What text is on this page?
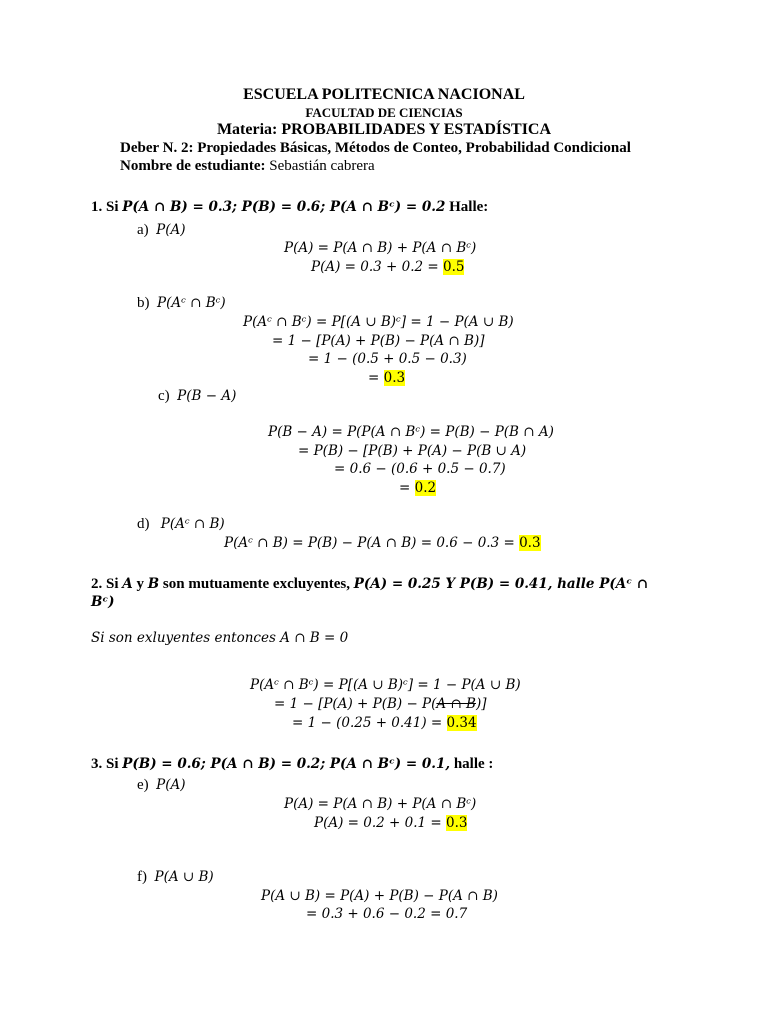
ESCUELA POLITECNICA NACIONAL
FACULTAD DE CIENCIAS
Materia: PROBABILIDADES Y ESTADÍSTICA
Deber N. 2: Propiedades Básicas, Métodos de Conteo, Probabilidad Condicional
Nombre de estudiante: Sebastián cabrera
1. Si P(A ∩ B) = 0.3; P(B) = 0.6; P(A ∩ Bᶜ) = 0.2 Halle:
a) P(A)
P(A) = P(A ∩ B) + P(A ∩ Bᶜ)
P(A) = 0.3 + 0.2 = 0.5
b) P(Aᶜ ∩ Bᶜ)
P(Aᶜ ∩ Bᶜ) = P[(A ∪ B)ᶜ] = 1 − P(A ∪ B)
= 1 − [P(A) + P(B) − P(A ∩ B)]
= 1 − (0.5 + 0.5 − 0.3)
= 0.3
c) P(B − A)
P(B − A) = P(P(A ∩ Bᶜ) = P(B) − P(B ∩ A)
= P(B) − [P(B) + P(A) − P(B ∪ A)
= 0.6 − (0.6 + 0.5 − 0.7)
= 0.2
d) P(Aᶜ ∩ B)
P(Aᶜ ∩ B) = P(B) − P(A ∩ B) = 0.6 − 0.3 = 0.3
2. Si A y B son mutuamente excluyentes, P(A) = 0.25 Y P(B) = 0.41, halle P(Aᶜ ∩
Bᶜ)
Si son exluyentes entonces A ∩ B = 0
P(Aᶜ ∩ Bᶜ) = P[(A ∪ B)ᶜ] = 1 − P(A ∪ B)
= 1 − [P(A) + P(B) − P(A ∩ B)]
= 1 − (0.25 + 0.41) = 0.34
3. Si P(B) = 0.6; P(A ∩ B) = 0.2; P(A ∩ Bᶜ) = 0.1, halle :
e) P(A)
P(A) = P(A ∩ B) + P(A ∩ Bᶜ)
P(A) = 0.2 + 0.1 = 0.3
f) P(A ∪ B)
P(A ∪ B) = P(A) + P(B) − P(A ∩ B)
= 0.3 + 0.6 − 0.2 = 0.7
